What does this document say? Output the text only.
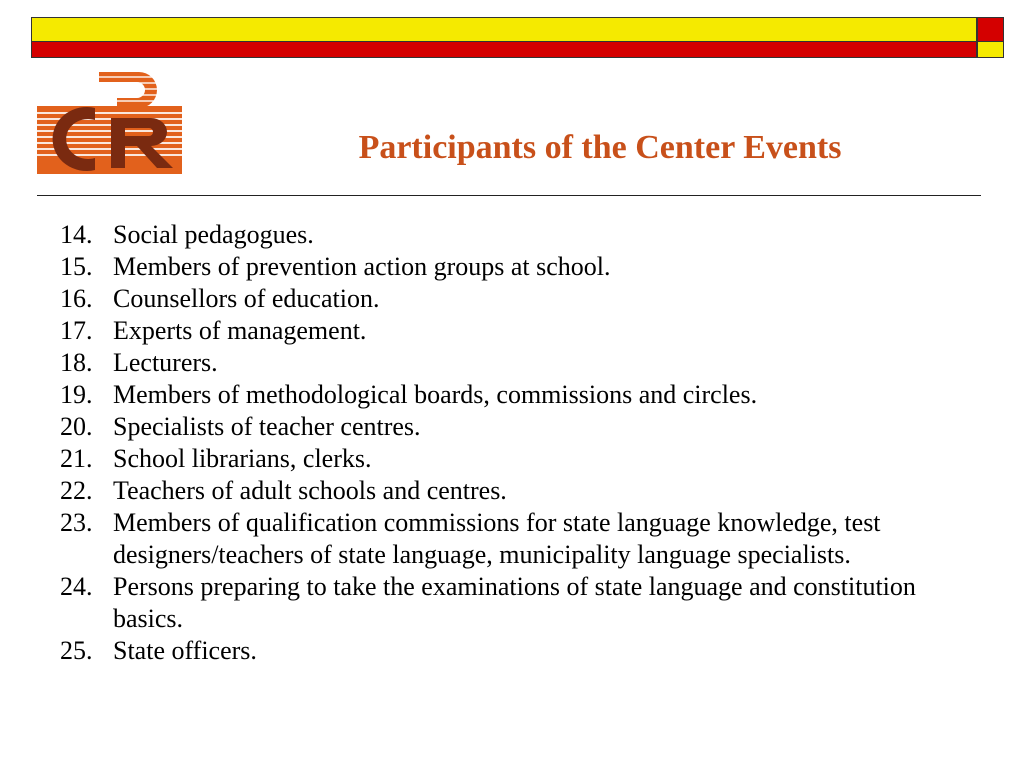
Participants of the Center Events
14. Social pedagogues.
15. Members of prevention action groups at school.
16. Counsellors of education.
17. Experts of management.
18. Lecturers.
19. Members of methodological boards, commissions and circles.
20. Specialists of teacher centres.
21. School librarians, clerks.
22. Teachers of adult schools and centres.
23. Members of qualification commissions for state language knowledge, test designers/teachers of state language, municipality language specialists.
24. Persons preparing to take the examinations of state language and constitution basics.
25. State officers.
